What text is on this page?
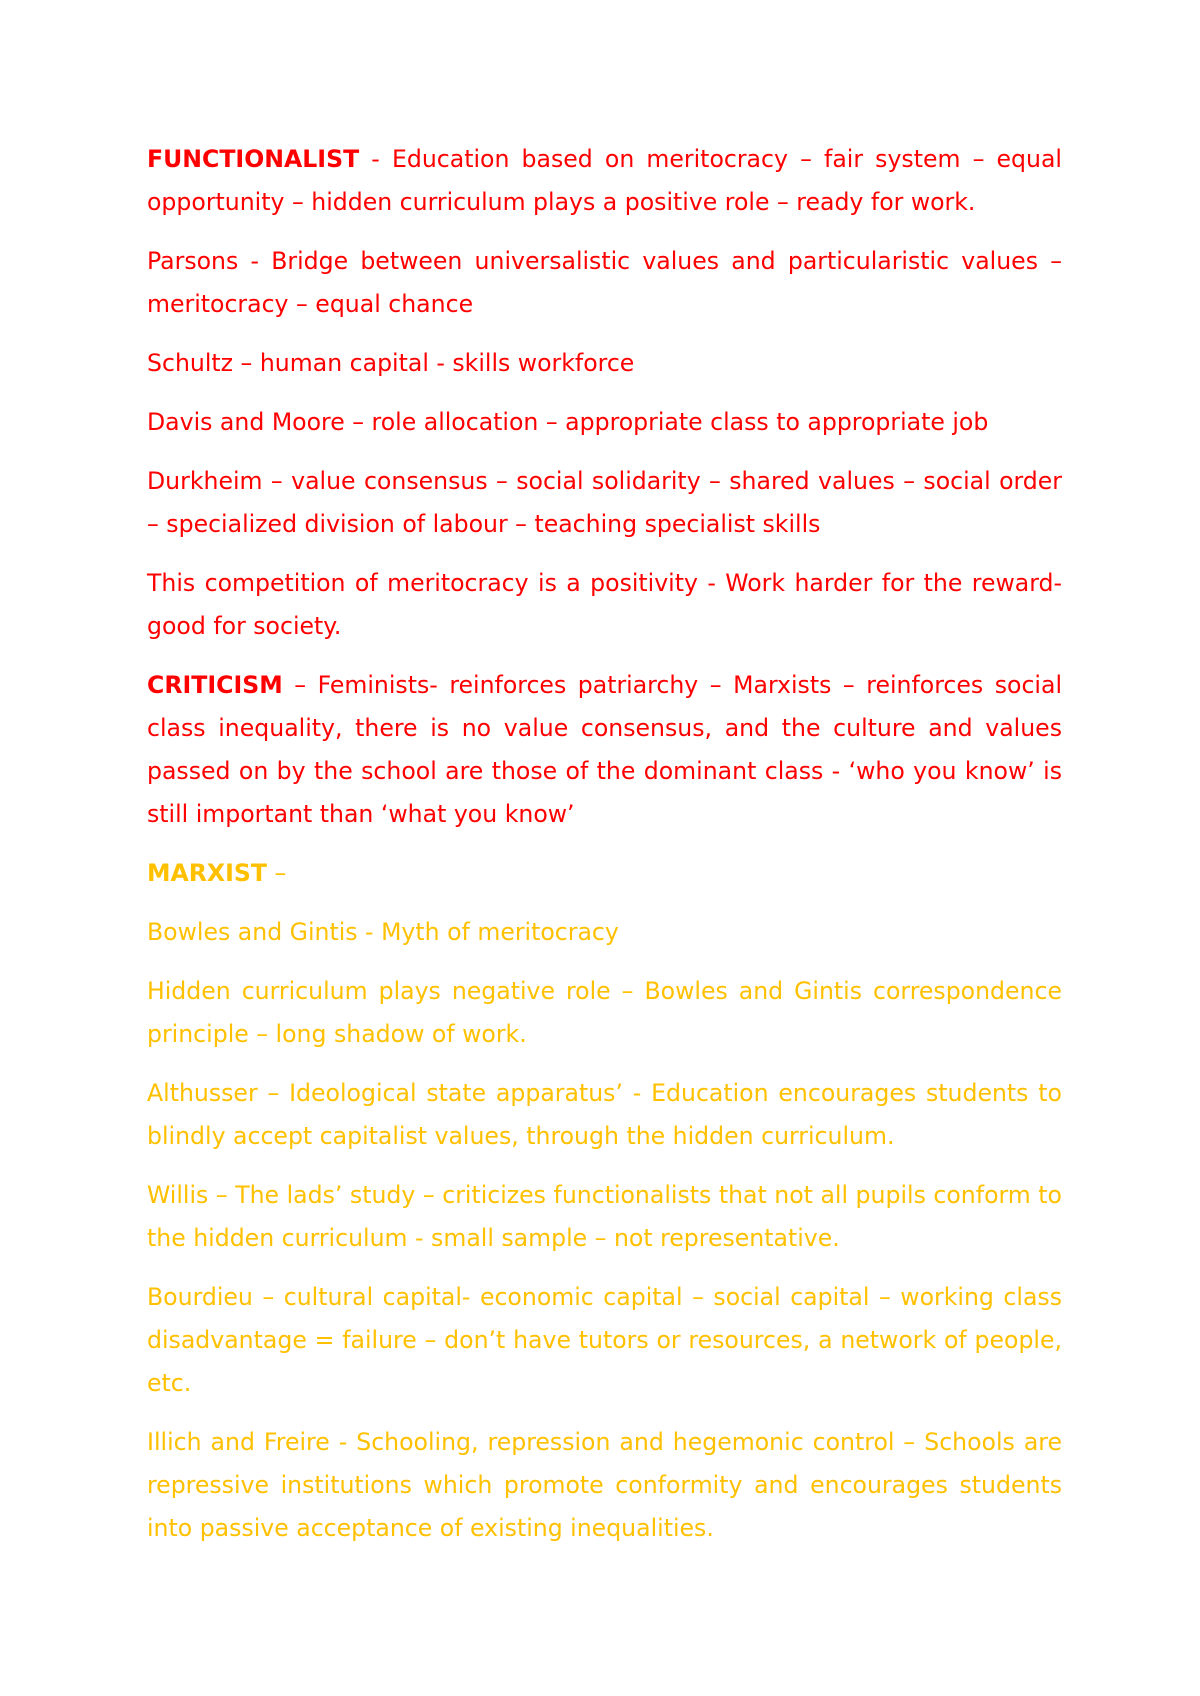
FUNCTIONALIST - Education based on meritocracy – fair system – equal opportunity – hidden curriculum plays a positive role – ready for work.

Parsons - Bridge between universalistic values and particularistic values – meritocracy – equal chance

Schultz – human capital - skills workforce

Davis and Moore – role allocation – appropriate class to appropriate job

Durkheim – value consensus – social solidarity – shared values – social order – specialized division of labour – teaching specialist skills

This competition of meritocracy is a positivity - Work harder for the reward- good for society.

CRITICISM – Feminists- reinforces patriarchy – Marxists – reinforces social class inequality, there is no value consensus, and the culture and values passed on by the school are those of the dominant class - ‘who you know’ is still important than ‘what you know’

MARXIST –

Bowles and Gintis - Myth of meritocracy

Hidden curriculum plays negative role – Bowles and Gintis correspondence principle – long shadow of work.

Althusser – Ideological state apparatus’ - Education encourages students to blindly accept capitalist values, through the hidden curriculum.

Willis – The lads’ study – criticizes functionalists that not all pupils conform to the hidden curriculum - small sample – not representative.

Bourdieu – cultural capital- economic capital – social capital – working class disadvantage = failure – don’t have tutors or resources, a network of people, etc.

Illich and Freire - Schooling, repression and hegemonic control – Schools are repressive institutions which promote conformity and encourages students into passive acceptance of existing inequalities.
